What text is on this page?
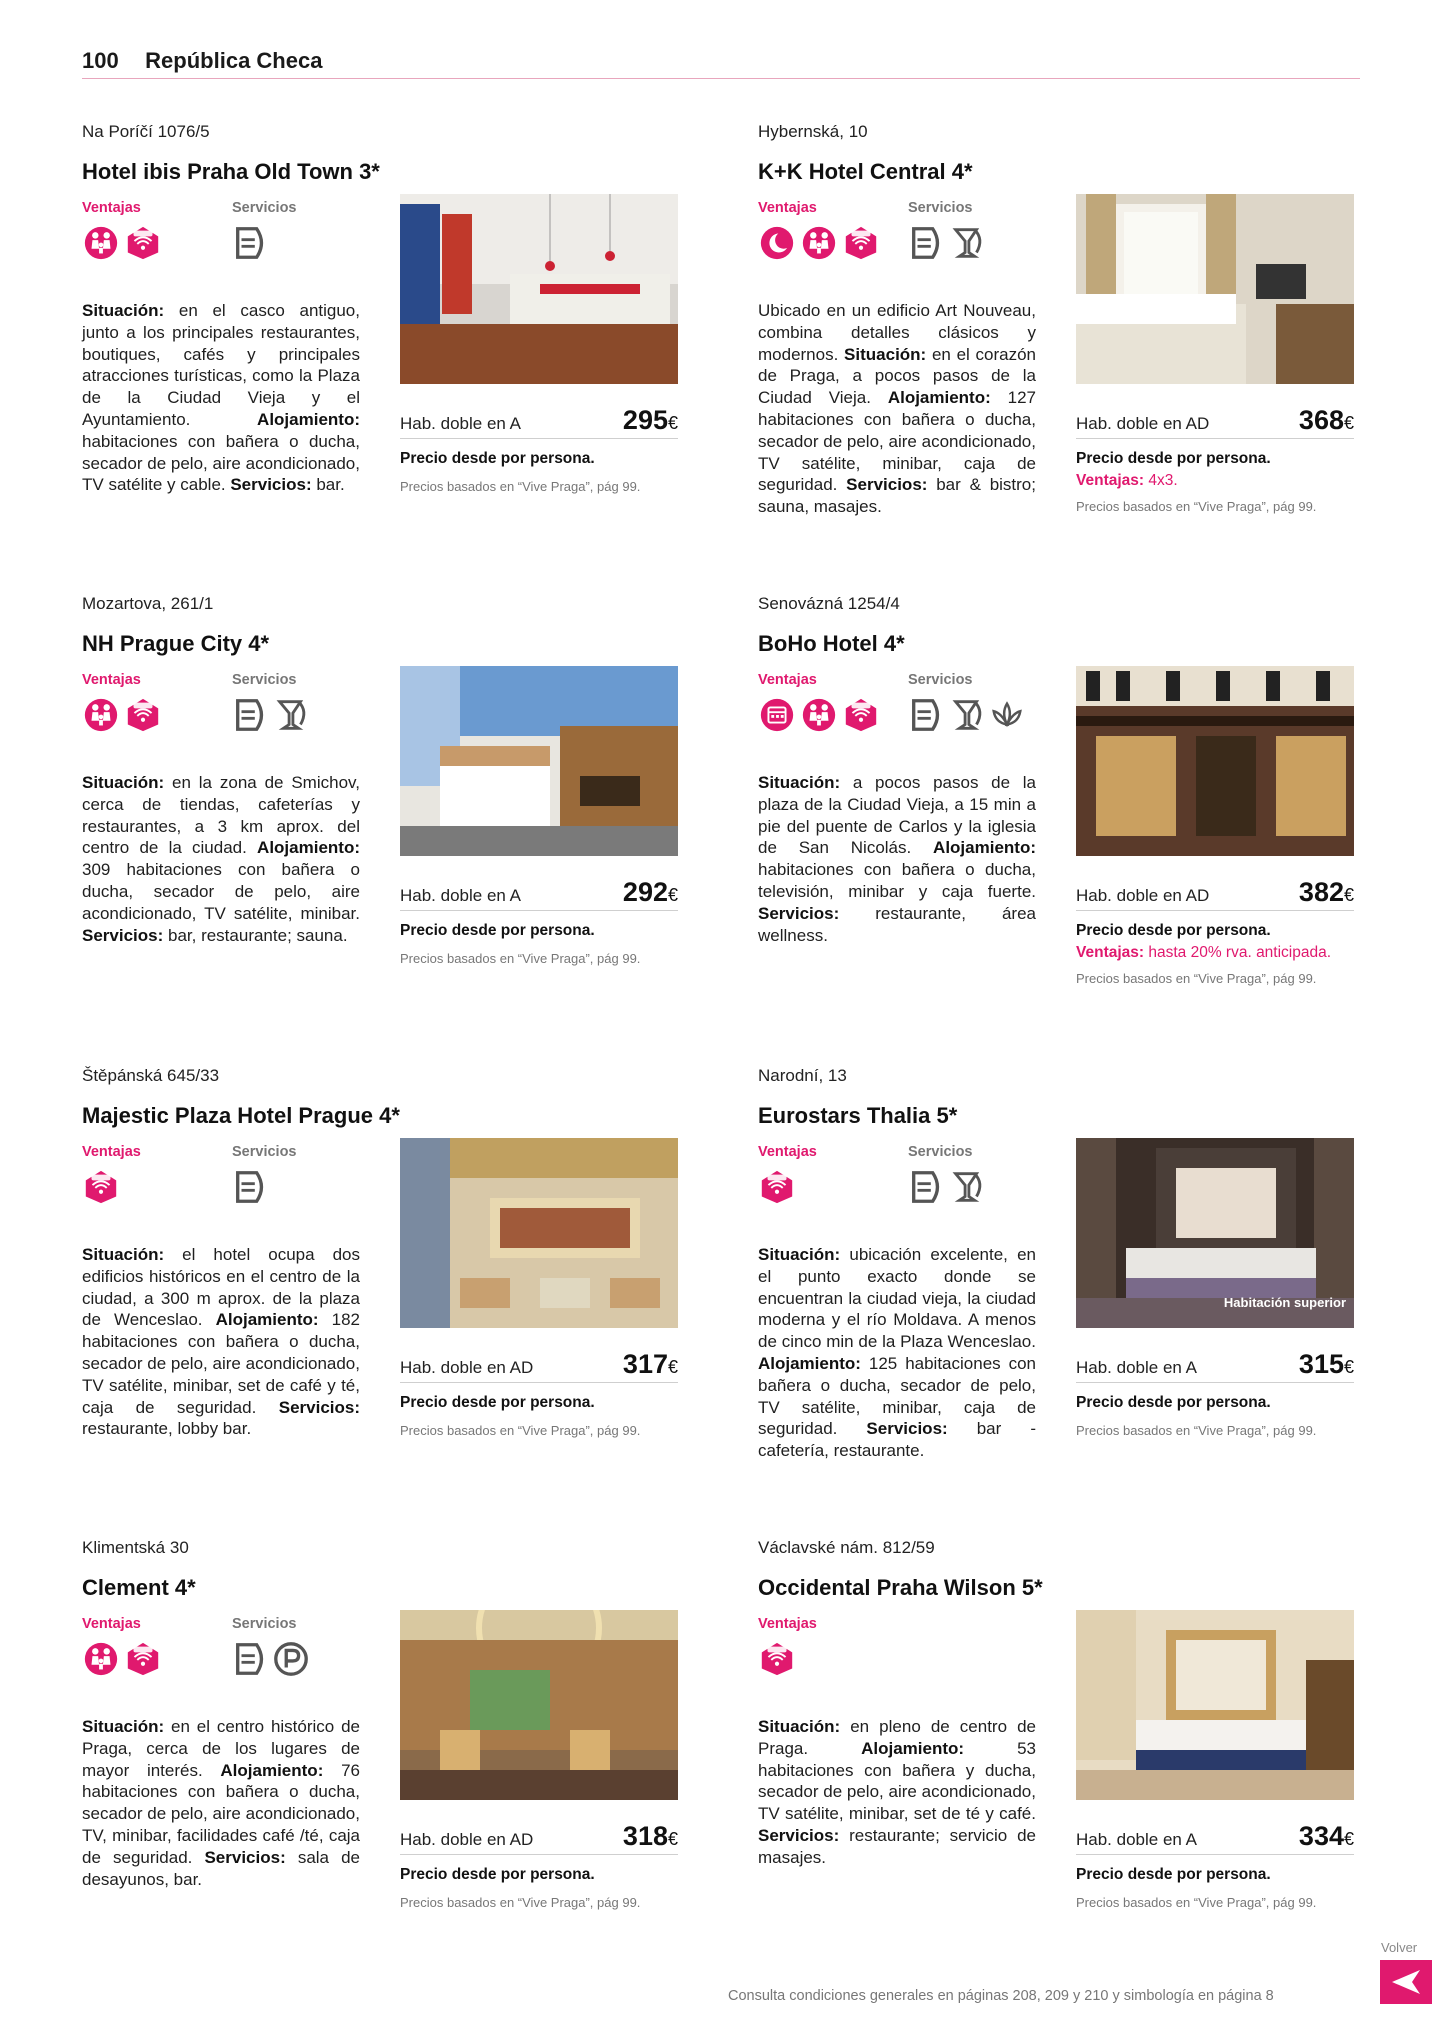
100 República Checa
Na Poríčí 1076/5
Hotel ibis Praha Old Town 3*
Ventajas	Servicios
Situación: en el casco antiguo, junto a los principales restaurantes, boutiques, cafés y principales atracciones turísticas, como la Plaza de la Ciudad Vieja y el Ayuntamiento. Alojamiento: habitaciones con bañera o ducha, secador de pelo, aire acondicionado, TV satélite y cable. Servicios: bar.
Hab. doble en A	295€
Precio desde por persona.
Precios basados en “Vive Praga”, pág 99.
Hybernská, 10
K+K Hotel Central 4*
Ventajas	Servicios
Ubicado en un edificio Art Nouveau, combina detalles clásicos y modernos. Situación: en el corazón de Praga, a pocos pasos de la Ciudad Vieja. Alojamiento: 127 habitaciones con bañera o ducha, secador de pelo, aire acondicionado, TV satélite, minibar, caja de seguridad. Servicios: bar & bistro; sauna, masajes.
Hab. doble en AD	368€
Precio desde por persona.
Ventajas: 4x3.
Precios basados en “Vive Praga”, pág 99.
Mozartova, 261/1
NH Prague City 4*
Ventajas	Servicios
Situación: en la zona de Smichov, cerca de tiendas, cafeterías y restaurantes, a 3 km aprox. del centro de la ciudad. Alojamiento: 309 habitaciones con bañera o ducha, secador de pelo, aire acondicionado, TV satélite, minibar. Servicios: bar, restaurante; sauna.
Hab. doble en A	292€
Precio desde por persona.
Precios basados en “Vive Praga”, pág 99.
Senovázná 1254/4
BoHo Hotel 4*
Ventajas	Servicios
Situación: a pocos pasos de la plaza de la Ciudad Vieja, a 15 min a pie del puente de Carlos y la iglesia de San Nicolás. Alojamiento: habitaciones con bañera o ducha, televisión, minibar y caja fuerte. Servicios: restaurante, área wellness.
Hab. doble en AD	382€
Precio desde por persona.
Ventajas: hasta 20% rva. anticipada.
Precios basados en “Vive Praga”, pág 99.
Štěpánská 645/33
Majestic Plaza Hotel Prague 4*
Ventajas	Servicios
Situación: el hotel ocupa dos edificios históricos en el centro de la ciudad, a 300 m aprox. de la plaza de Wenceslao. Alojamiento: 182 habitaciones con bañera o ducha, secador de pelo, aire acondicionado, TV satélite, minibar, set de café y té, caja de seguridad. Servicios: restaurante, lobby bar.
Hab. doble en AD	317€
Precio desde por persona.
Precios basados en “Vive Praga”, pág 99.
Narodní, 13
Eurostars Thalia 5*
Ventajas	Servicios
Situación: ubicación excelente, en el punto exacto donde se encuentran la ciudad vieja, la ciudad moderna y el río Moldava. A menos de cinco min de la Plaza Wenceslao. Alojamiento: 125 habitaciones con bañera o ducha, secador de pelo, TV satélite, minibar, caja de seguridad. Servicios: bar - cafetería, restaurante.
Habitación superior
Hab. doble en A	315€
Precio desde por persona.
Precios basados en “Vive Praga”, pág 99.
Klimentská 30
Clement 4*
Ventajas	Servicios
Situación: en el centro histórico de Praga, cerca de los lugares de mayor interés. Alojamiento: 76 habitaciones con bañera o ducha, secador de pelo, aire acondicionado, TV, minibar, facilidades café /té, caja de seguridad. Servicios: sala de desayunos, bar.
Hab. doble en AD	318€
Precio desde por persona.
Precios basados en “Vive Praga”, pág 99.
Václavské nám. 812/59
Occidental Praha Wilson 5*
Ventajas
Situación: en pleno de centro de Praga. Alojamiento: 53 habitaciones con bañera y ducha, secador de pelo, aire acondicionado, TV satélite, minibar, set de té y café. Servicios: restaurante; servicio de masajes.
Hab. doble en A	334€
Precio desde por persona.
Precios basados en “Vive Praga”, pág 99.
Consulta condiciones generales en páginas 208, 209 y 210 y simbología en página 8
Volver
